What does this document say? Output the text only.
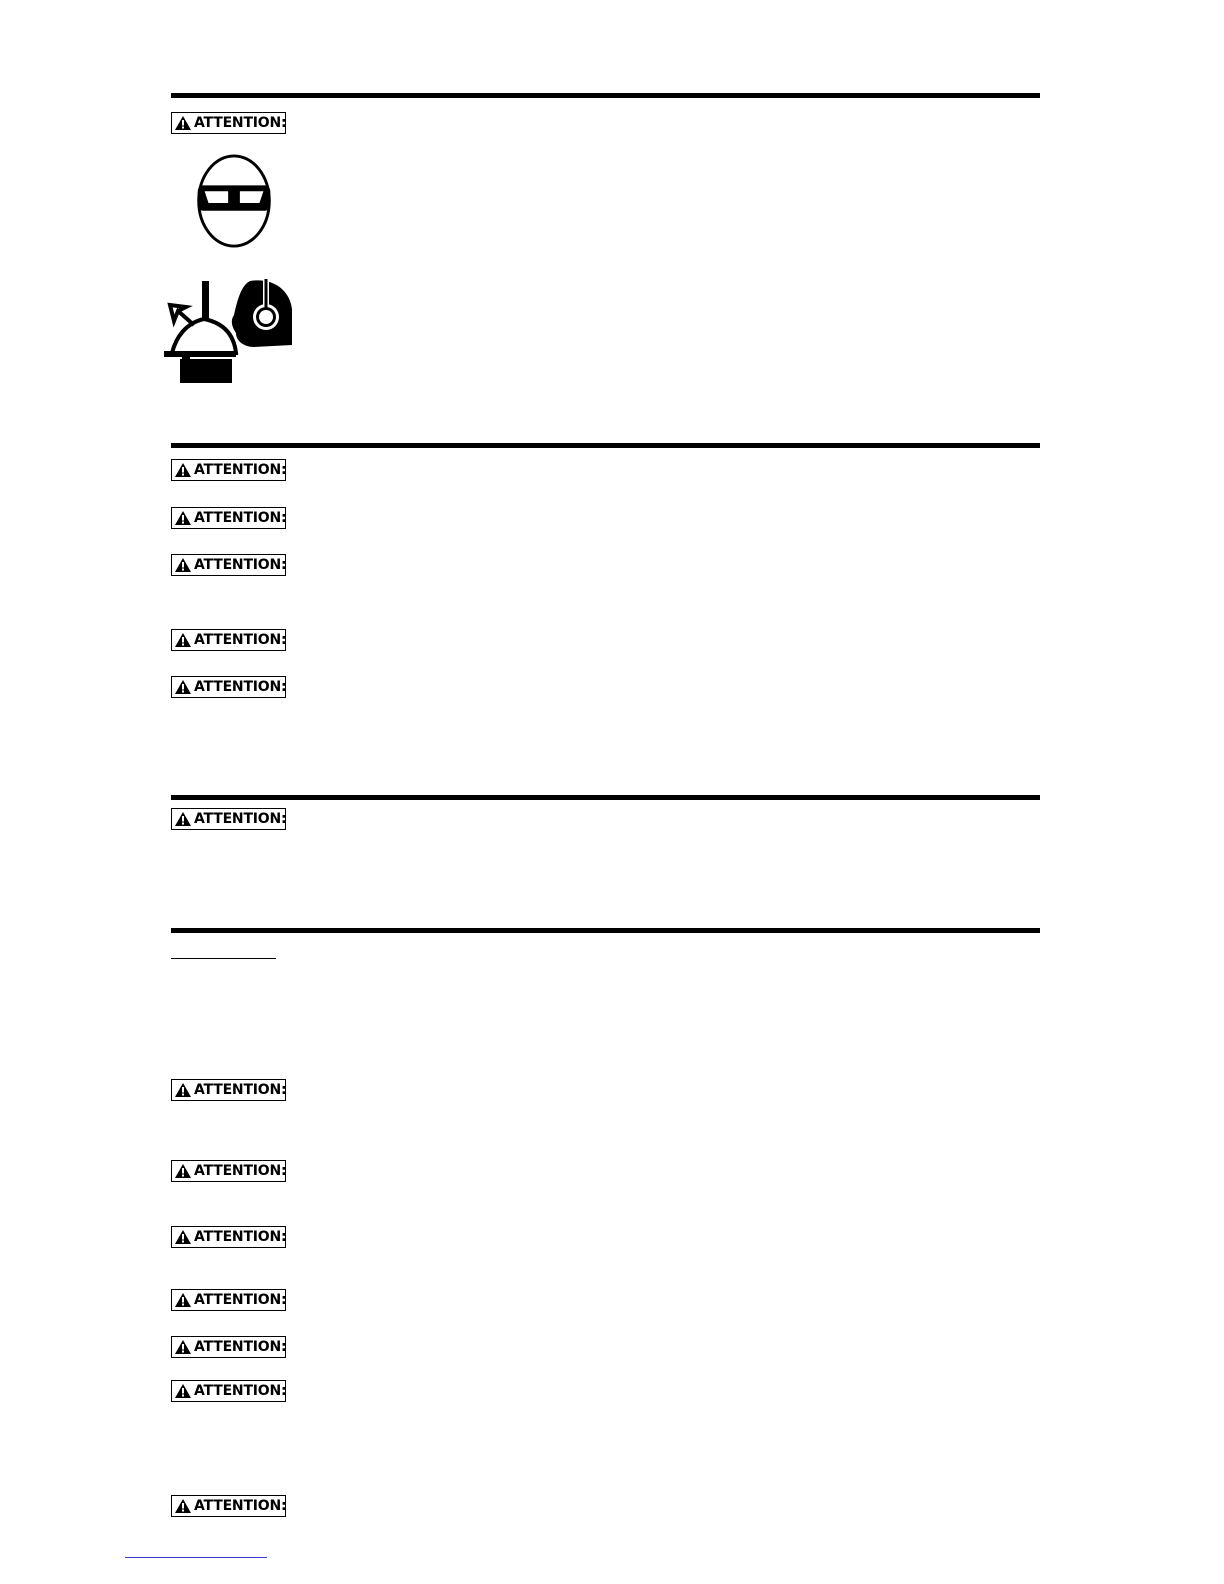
ATTENTION:
ATTENTION:
ATTENTION:
ATTENTION:
ATTENTION:
ATTENTION:
ATTENTION:
ATTENTION:
ATTENTION:
ATTENTION:
ATTENTION:
ATTENTION:
ATTENTION:
ATTENTION:
